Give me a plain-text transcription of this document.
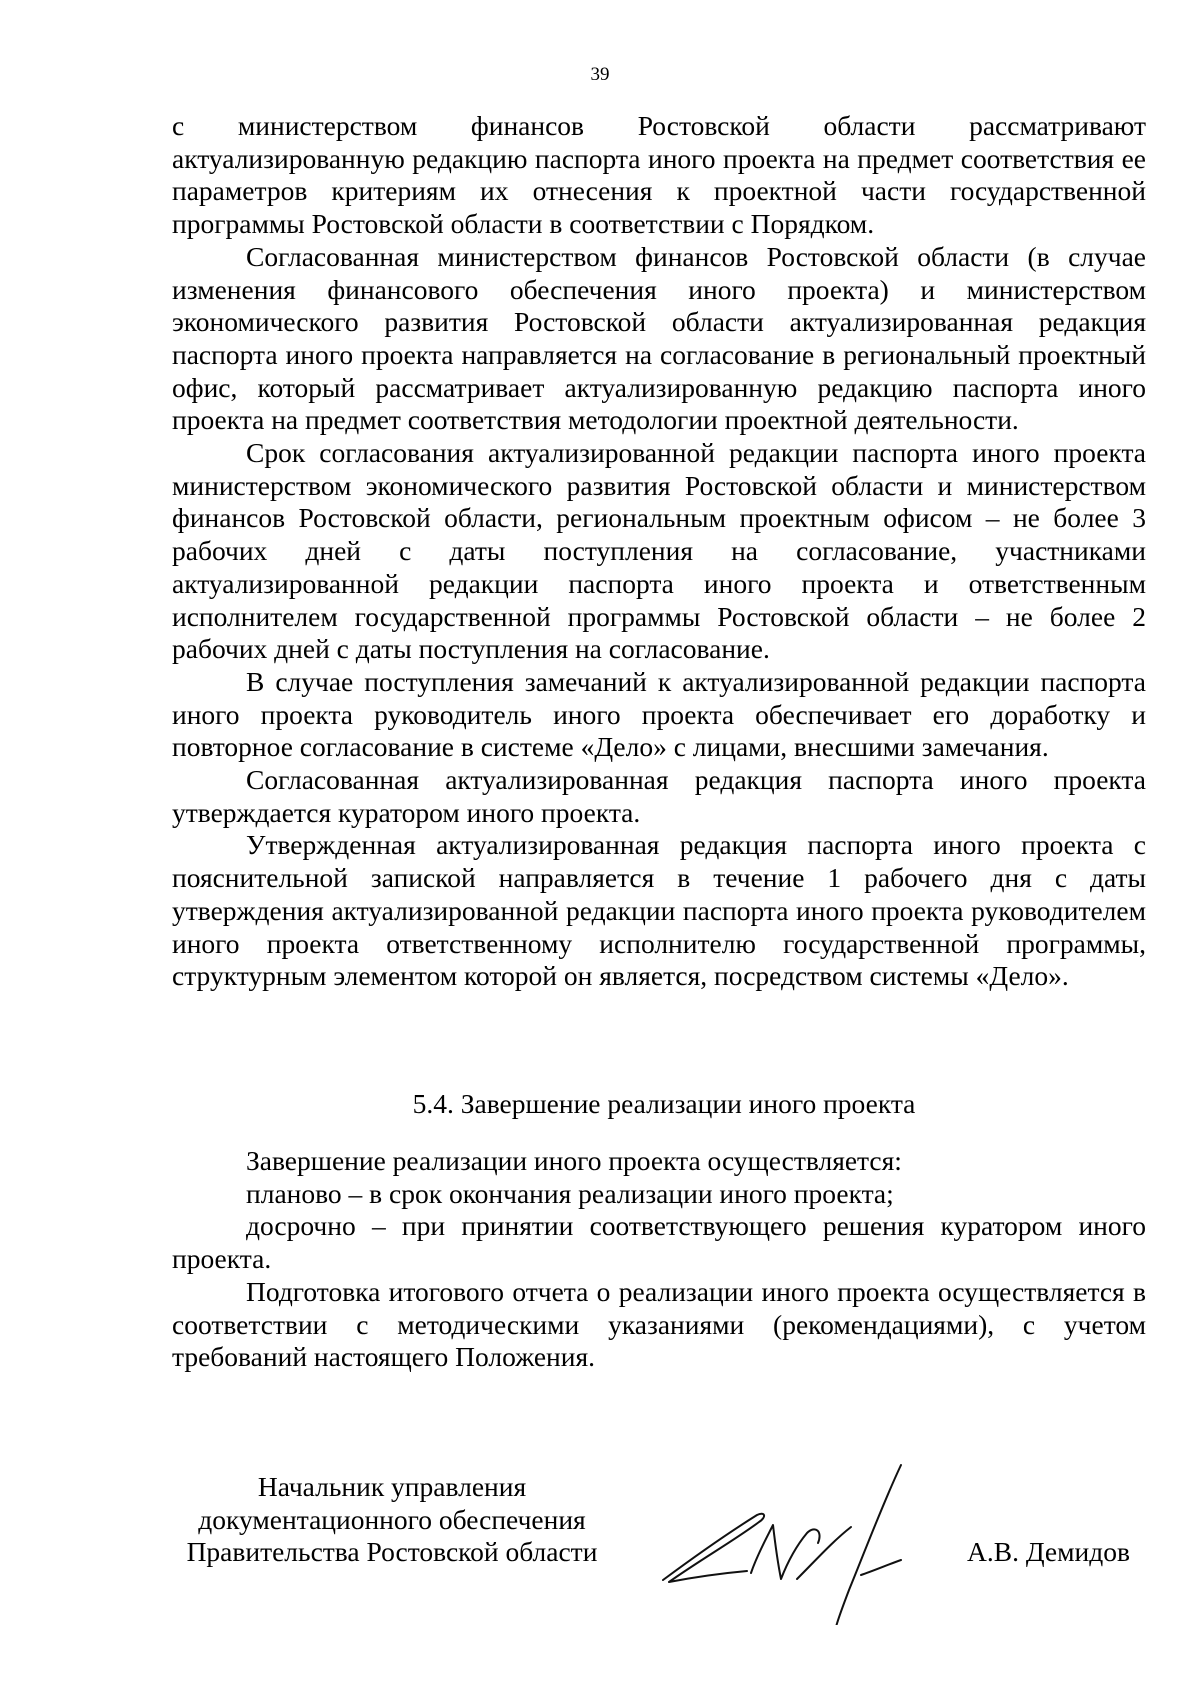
39

с министерством финансов Ростовской области рассматривают актуализированную редакцию паспорта иного проекта на предмет соответствия ее параметров критериям их отнесения к проектной части государственной программы Ростовской области в соответствии с Порядком.

Согласованная министерством финансов Ростовской области (в случае изменения финансового обеспечения иного проекта) и министерством экономического развития Ростовской области актуализированная редакция паспорта иного проекта направляется на согласование в региональный проектный офис, который рассматривает актуализированную редакцию паспорта иного проекта на предмет соответствия методологии проектной деятельности.

Срок согласования актуализированной редакции паспорта иного проекта министерством экономического развития Ростовской области и министерством финансов Ростовской области, региональным проектным офисом – не более 3 рабочих дней с даты поступления на согласование, участниками актуализированной редакции паспорта иного проекта и ответственным исполнителем государственной программы Ростовской области – не более 2 рабочих дней с даты поступления на согласование.

В случае поступления замечаний к актуализированной редакции паспорта иного проекта руководитель иного проекта обеспечивает его доработку и повторное согласование в системе «Дело» с лицами, внесшими замечания.

Согласованная актуализированная редакция паспорта иного проекта утверждается куратором иного проекта.

Утвержденная актуализированная редакция паспорта иного проекта с пояснительной запиской направляется в течение 1 рабочего дня с даты утверждения актуализированной редакции паспорта иного проекта руководителем иного проекта ответственному исполнителю государственной программы, структурным элементом которой он является, посредством системы «Дело».

5.4. Завершение реализации иного проекта

Завершение реализации иного проекта осуществляется:

планово – в срок окончания реализации иного проекта;

досрочно – при принятии соответствующего решения куратором иного проекта.

Подготовка итогового отчета о реализации иного проекта осуществляется в соответствии с методическими указаниями (рекомендациями), с учетом требований настоящего Положения.

Начальник управления
документационного обеспечения
Правительства Ростовской области	А.В. Демидов
